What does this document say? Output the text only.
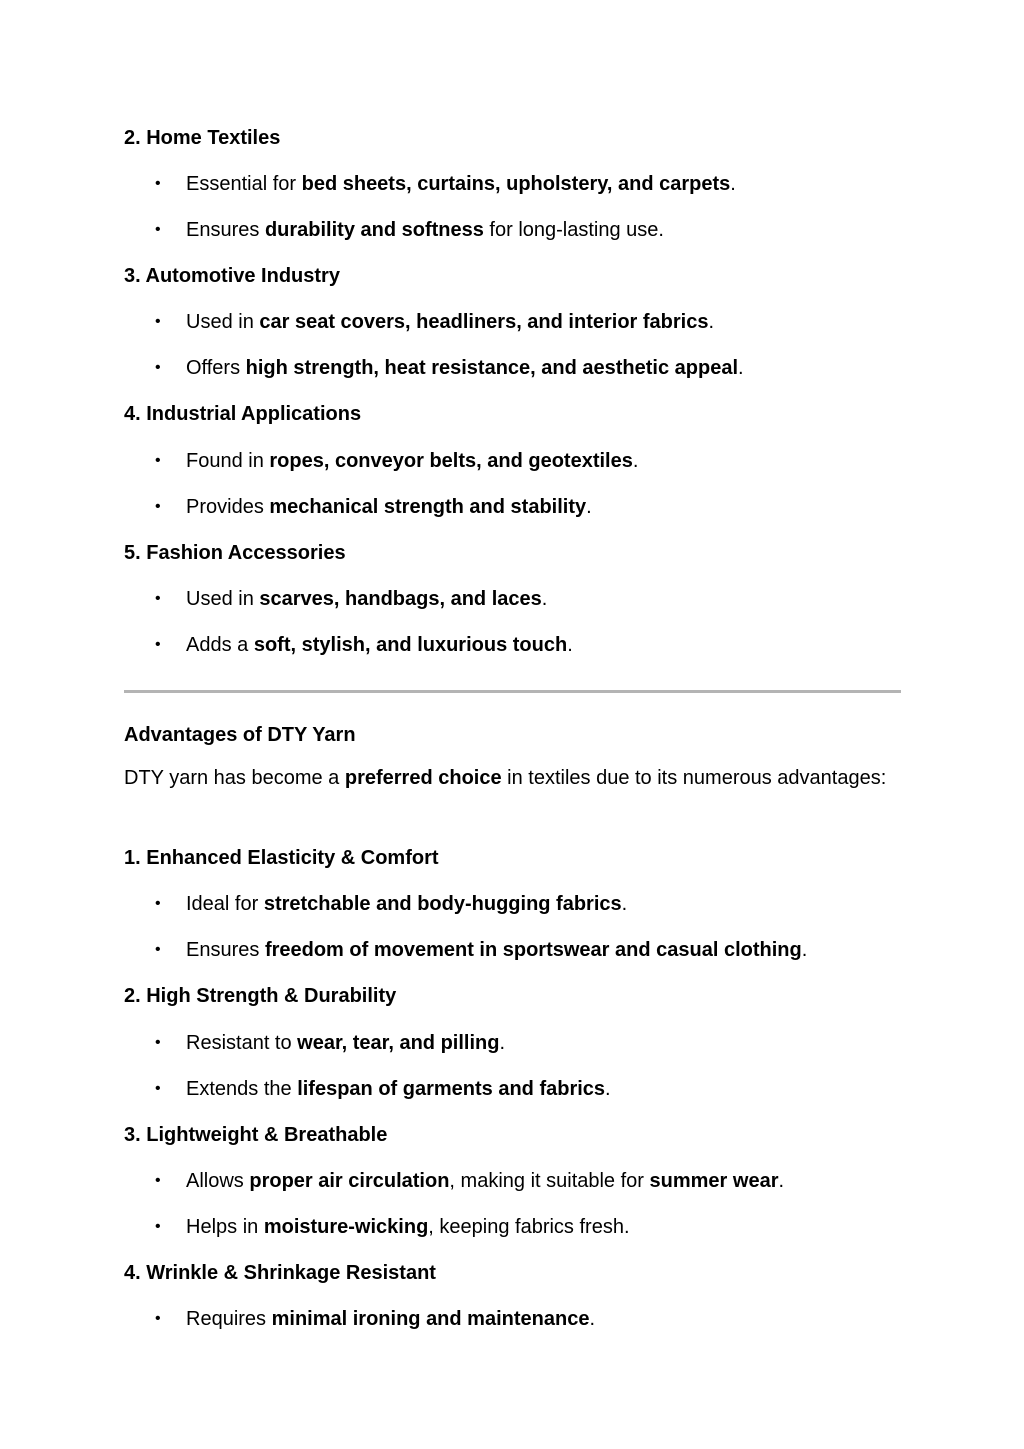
2. Home Textiles
• Essential for bed sheets, curtains, upholstery, and carpets.
• Ensures durability and softness for long-lasting use.
3. Automotive Industry
• Used in car seat covers, headliners, and interior fabrics.
• Offers high strength, heat resistance, and aesthetic appeal.
4. Industrial Applications
• Found in ropes, conveyor belts, and geotextiles.
• Provides mechanical strength and stability.
5. Fashion Accessories
• Used in scarves, handbags, and laces.
• Adds a soft, stylish, and luxurious touch.
Advantages of DTY Yarn
DTY yarn has become a preferred choice in textiles due to its numerous advantages:
1. Enhanced Elasticity & Comfort
• Ideal for stretchable and body-hugging fabrics.
• Ensures freedom of movement in sportswear and casual clothing.
2. High Strength & Durability
• Resistant to wear, tear, and pilling.
• Extends the lifespan of garments and fabrics.
3. Lightweight & Breathable
• Allows proper air circulation, making it suitable for summer wear.
• Helps in moisture-wicking, keeping fabrics fresh.
4. Wrinkle & Shrinkage Resistant
• Requires minimal ironing and maintenance.
